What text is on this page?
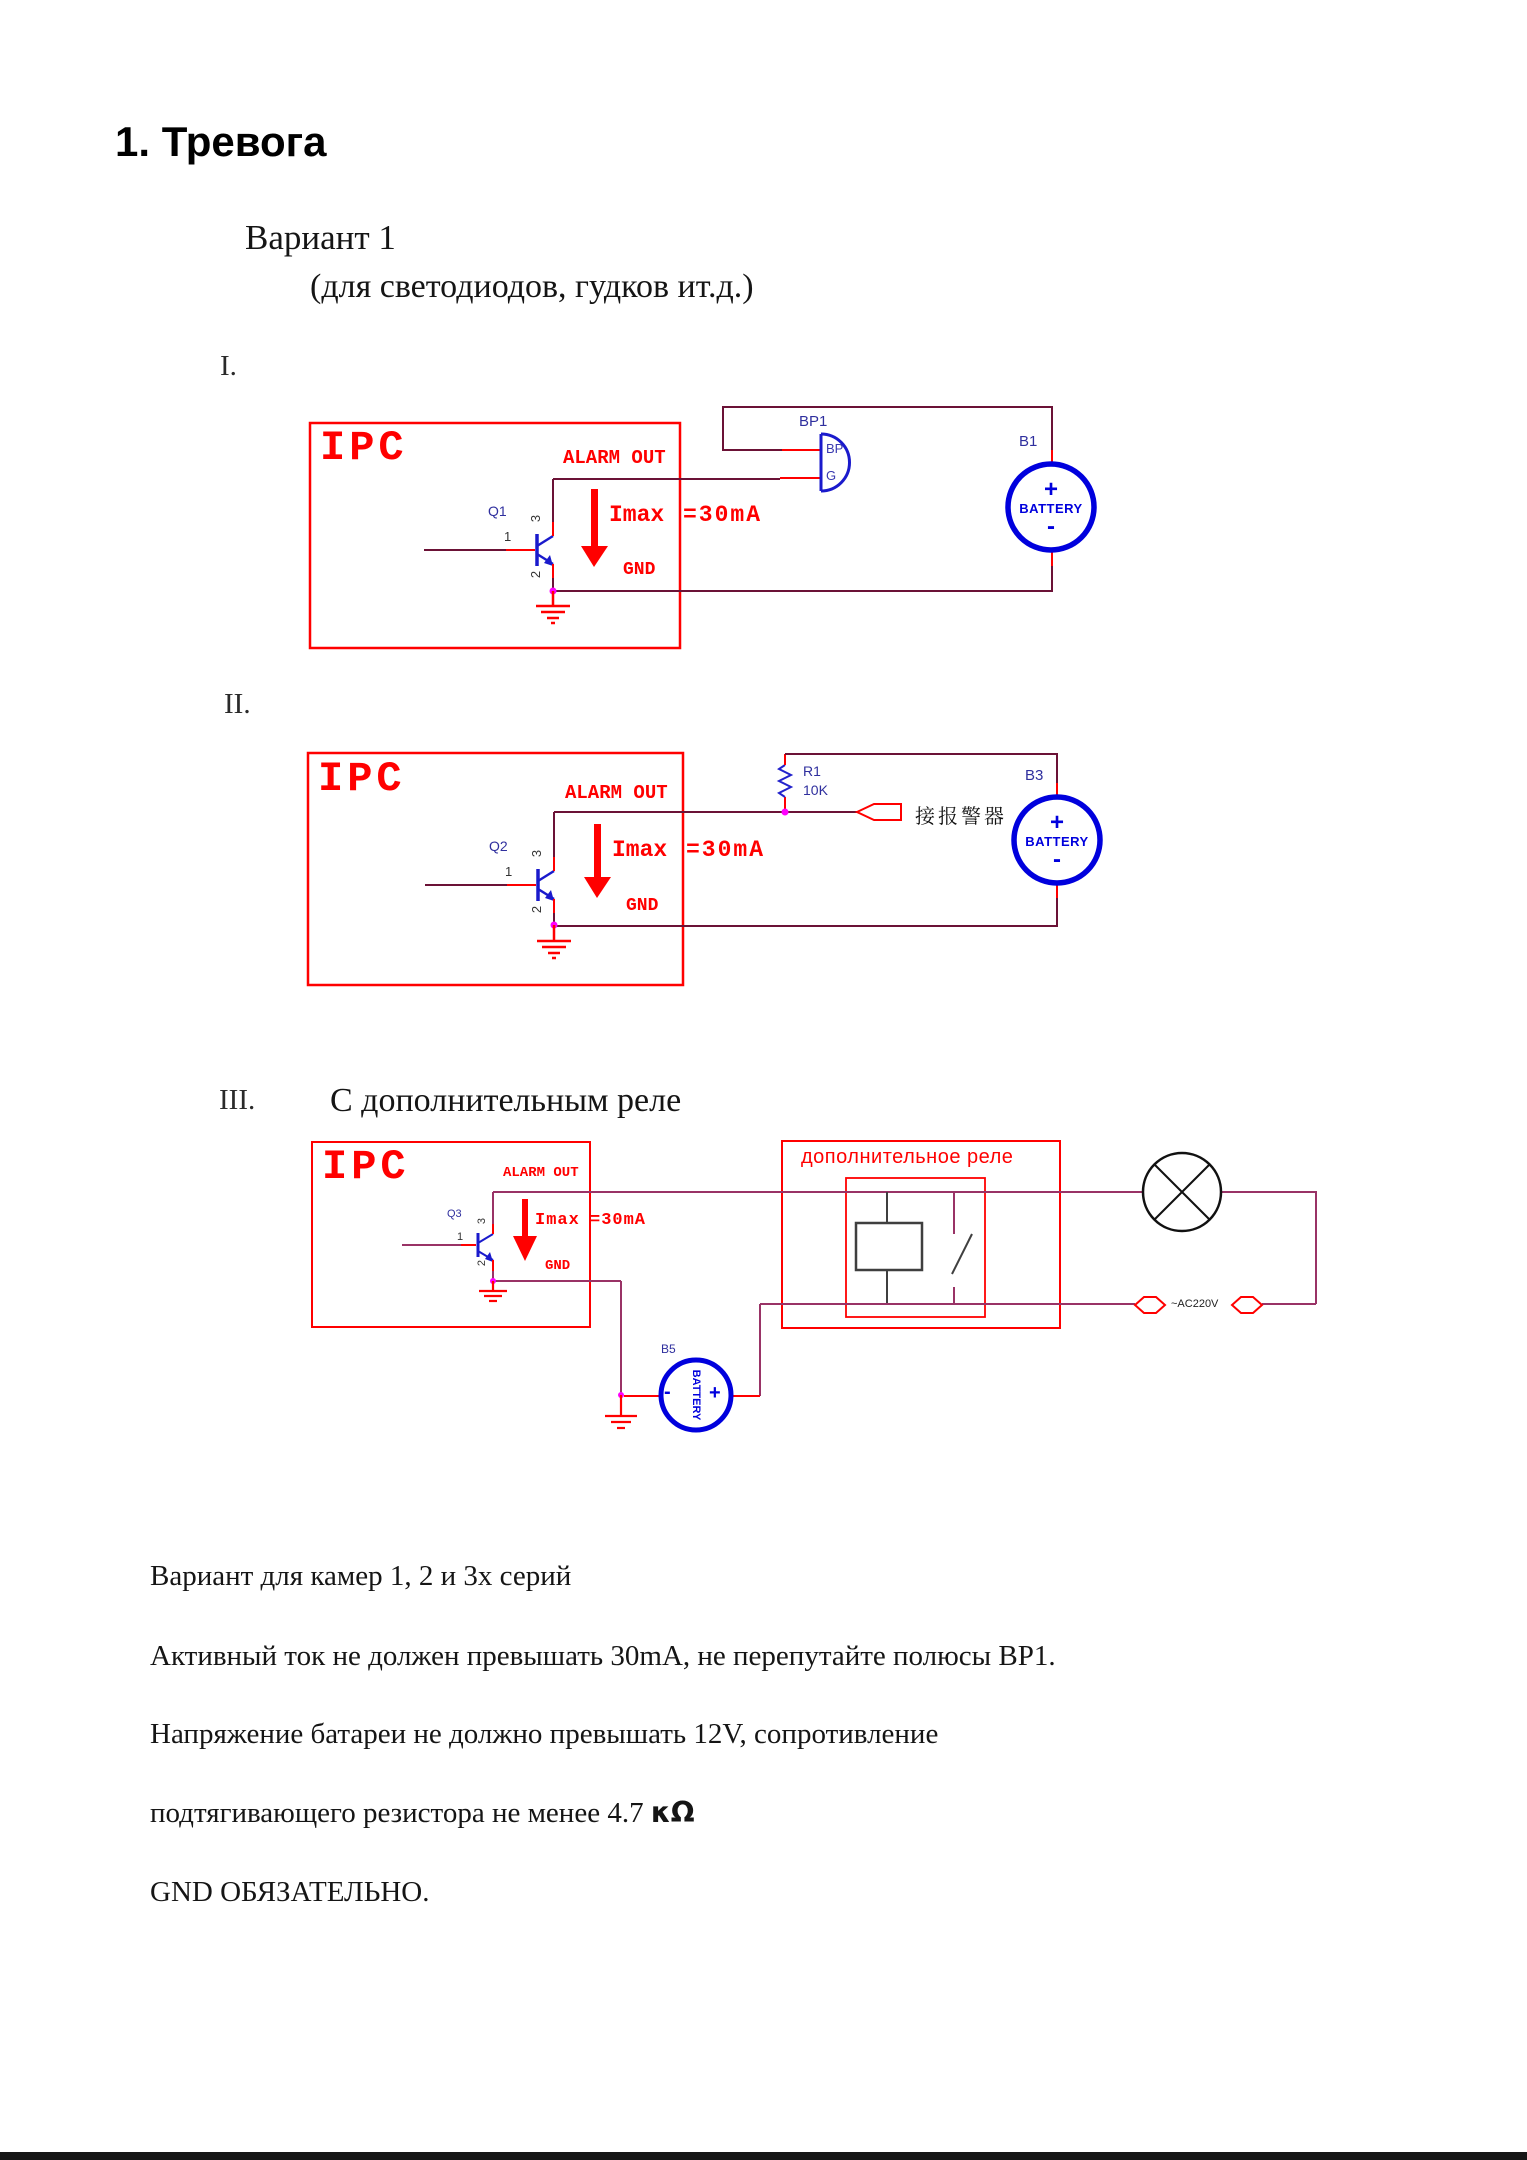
1. Тревога
Вариант 1
(для светодиодов, гудков ит.д.)
I.
II.
III. С дополнительным реле
IPC	ALARM OUT
Imax =30mA
GND
Q1 3
1
2
BP1
BP
G
B1
+
BATTERY
-
IPC	ALARM OUT
Imax =30mA
GND
Q2 3
1
2
R1
10K
接报警器
B3
+
BATTERY
-
IPC	ALARM OUT
Imax =30mA
GND
Q3
3
1
2
дополнительное реле
~AC220V
B5
- +
BATTERY
Вариант для камер 1, 2 и 3х серий
Активный ток не должен превышать 30mA, не перепутайте полюсы BP1.
Напряжение батареи не должно превышать 12V, сопротивление
подтягивающего резистора не менее 4.7 κΩ
GND ОБЯЗАТЕЛЬНО.
